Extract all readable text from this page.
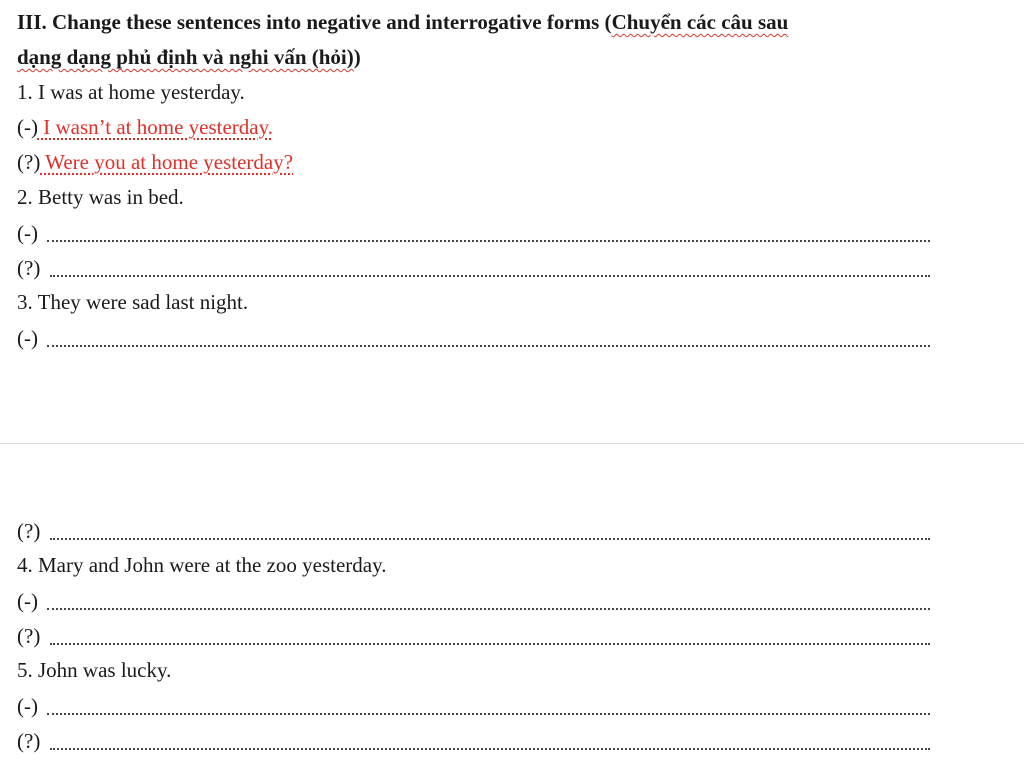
III. Change these sentences into negative and interrogative forms (Chuyển các câu sau
dạng dạng phủ định và nghi vấn (hỏi))
1. I was at home yesterday.
(-) I wasn’t at home yesterday.
(?) Were you at home yesterday?
2. Betty was in bed.
(-)
(?)
3. They were sad last night.
(-)
(?)
4. Mary and John were at the zoo yesterday.
(-)
(?)
5. John was lucky.
(-)
(?)
